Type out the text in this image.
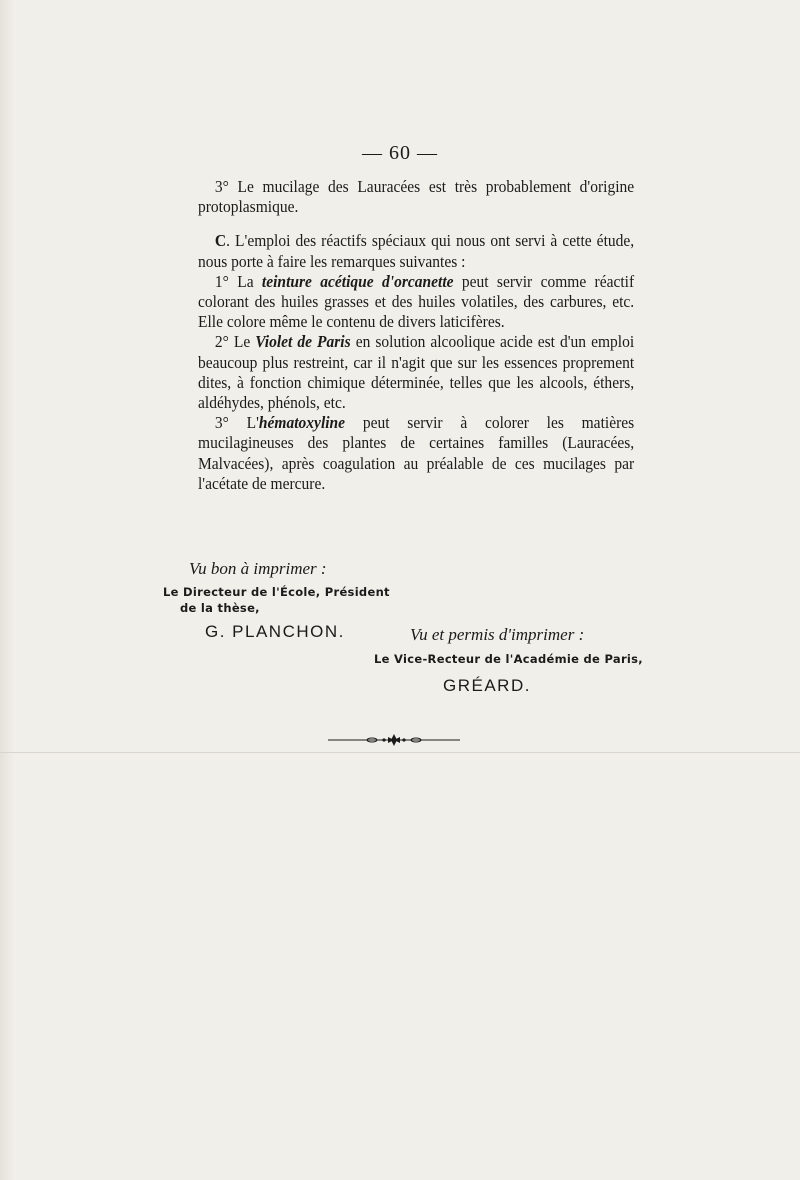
— 60 —

3° Le mucilage des Lauracées est très probablement d'origine protoplasmique.

C. L'emploi des réactifs spéciaux qui nous ont servi à cette étude, nous porte à faire les remarques suivantes :

1° La teinture acétique d'orcanette peut servir comme réactif colorant des huiles grasses et des huiles volatiles, des carbures, etc. Elle colore même le contenu de divers laticifères.

2° Le Violet de Paris en solution alcoolique acide est d'un emploi beaucoup plus restreint, car il n'agit que sur les essences proprement dites, à fonction chimique déterminée, telles que les alcools, éthers, aldéhydes, phénols, etc.

3° L'hématoxyline peut servir à colorer les matières mucilagineuses des plantes de certaines familles (Lauracées, Malvacées), après coagulation au préalable de ces mucilages par l'acétate de mercure.

Vu bon à imprimer :
Le Directeur de l'École, Président
de la thèse,
G. PLANCHON.	Vu et permis d'imprimer :
Le Vice-Recteur de l'Académie de Paris,
GRÉARD.
